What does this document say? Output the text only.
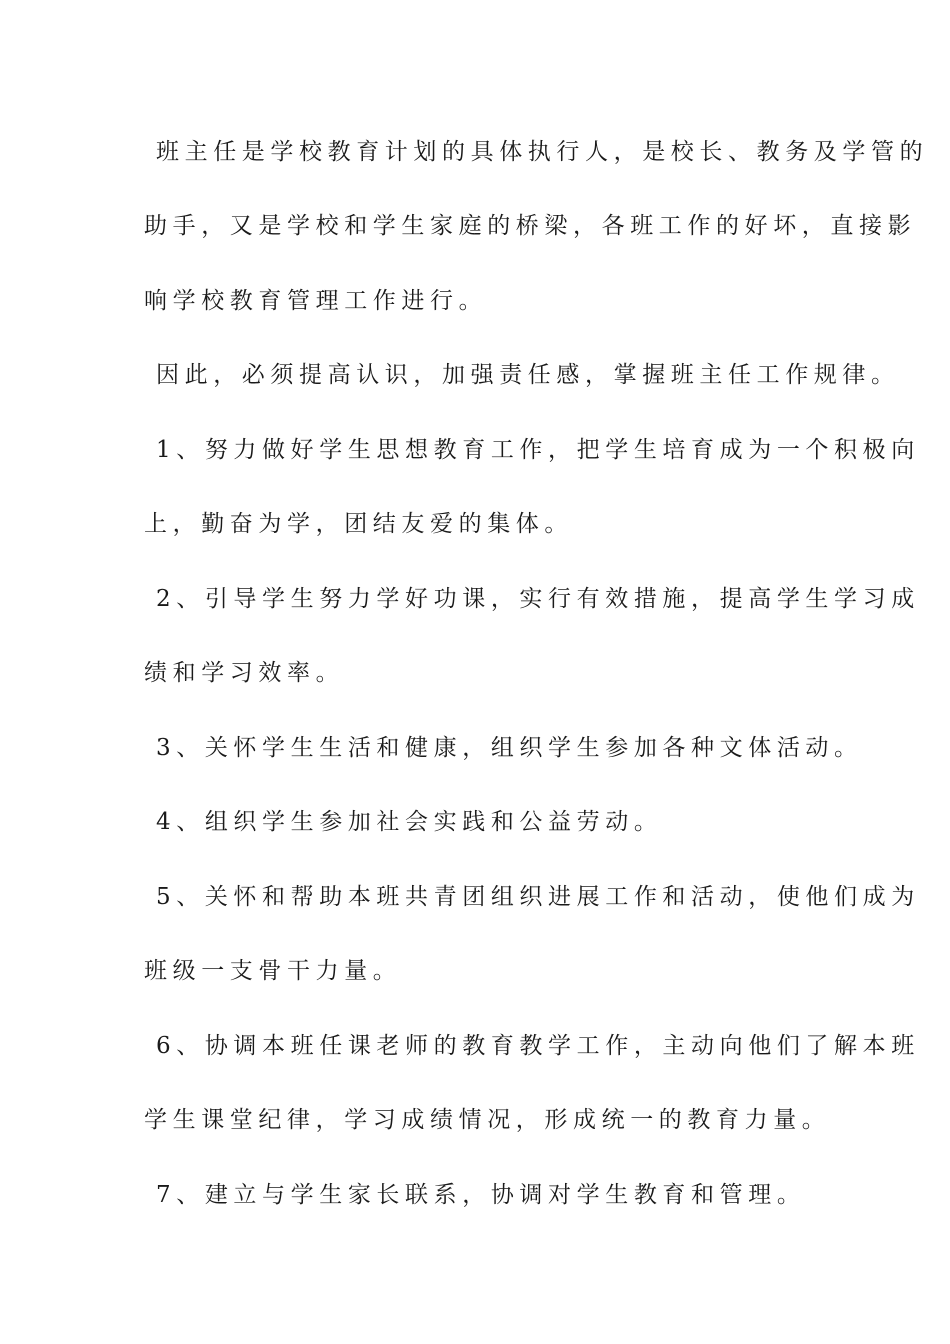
班主任是学校教育计划的具体执行人，是校长、教务及学管的
助手，又是学校和学生家庭的桥梁，各班工作的好坏，直接影
响学校教育管理工作进行。
因此，必须提高认识，加强责任感，掌握班主任工作规律。
1、努力做好学生思想教育工作，把学生培育成为一个积极向
上，勤奋为学，团结友爱的集体。
2、引导学生努力学好功课，实行有效措施，提高学生学习成
绩和学习效率。
3、关怀学生生活和健康，组织学生参加各种文体活动。
4、组织学生参加社会实践和公益劳动。
5、关怀和帮助本班共青团组织进展工作和活动，使他们成为
班级一支骨干力量。
6、协调本班任课老师的教育教学工作，主动向他们了解本班
学生课堂纪律，学习成绩情况，形成统一的教育力量。
7、建立与学生家长联系，协调对学生教育和管理。
